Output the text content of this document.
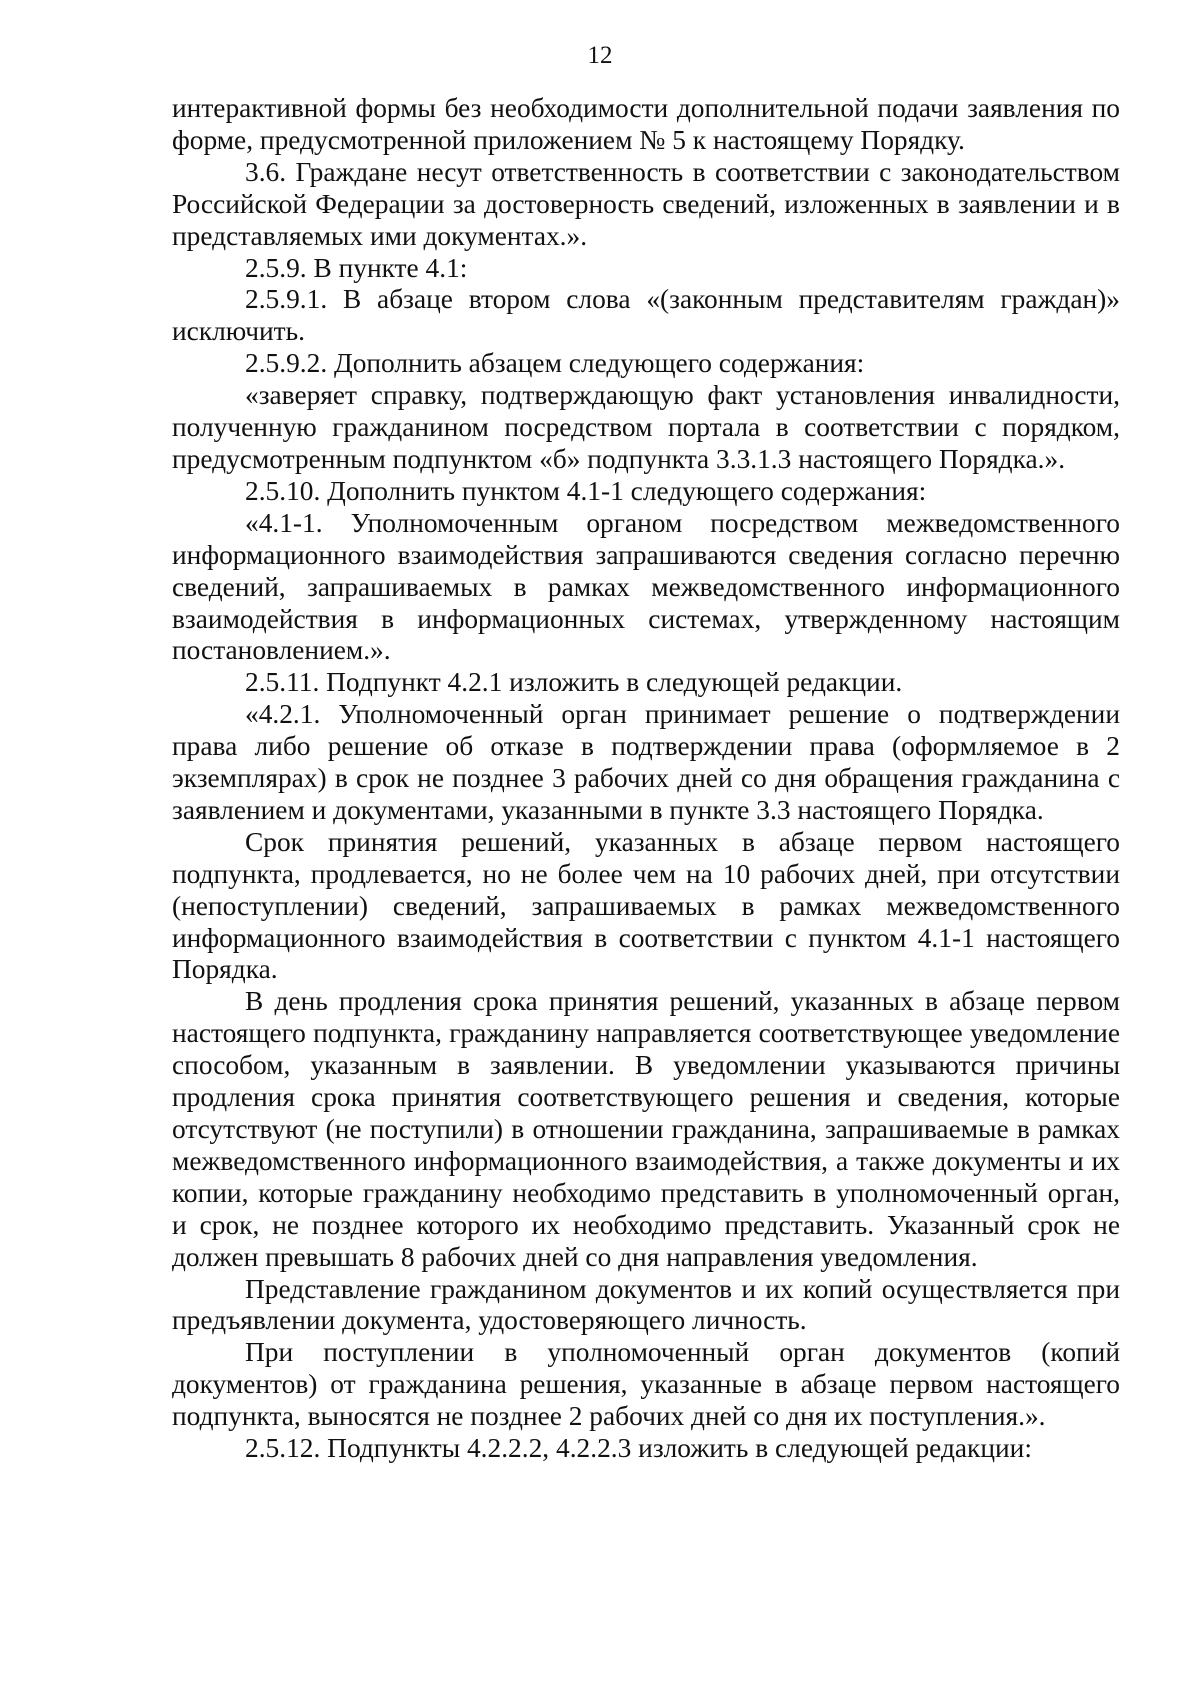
12

интерактивной формы без необходимости дополнительной подачи заявления по форме, предусмотренной приложением № 5 к настоящему Порядку.

3.6. Граждане несут ответственность в соответствии с законодательством Российской Федерации за достоверность сведений, изложенных в заявлении и в представляемых ими документах.».

2.5.9. В пункте 4.1:

2.5.9.1. В абзаце втором слова «(законным представителям граждан)» исключить.

2.5.9.2. Дополнить абзацем следующего содержания:

«заверяет справку, подтверждающую факт установления инвалидности, полученную гражданином посредством портала в соответствии с порядком, предусмотренным подпунктом «б» подпункта 3.3.1.3 настоящего Порядка.».

2.5.10. Дополнить пунктом 4.1-1 следующего содержания:

«4.1-1. Уполномоченным органом посредством межведомственного информационного взаимодействия запрашиваются сведения согласно перечню сведений, запрашиваемых в рамках межведомственного информационного взаимодействия в информационных системах, утвержденному настоящим постановлением.».

2.5.11. Подпункт 4.2.1 изложить в следующей редакции.

«4.2.1. Уполномоченный орган принимает решение о подтверждении права либо решение об отказе в подтверждении права (оформляемое в 2 экземплярах) в срок не позднее 3 рабочих дней со дня обращения гражданина с заявлением и документами, указанными в пункте 3.3 настоящего Порядка.

Срок принятия решений, указанных в абзаце первом настоящего подпункта, продлевается, но не более чем на 10 рабочих дней, при отсутствии (непоступлении) сведений, запрашиваемых в рамках межведомственного информационного взаимодействия в соответствии с пунктом 4.1-1 настоящего Порядка.

В день продления срока принятия решений, указанных в абзаце первом настоящего подпункта, гражданину направляется соответствующее уведомление способом, указанным в заявлении. В уведомлении указываются причины продления срока принятия соответствующего решения и сведения, которые отсутствуют (не поступили) в отношении гражданина, запрашиваемые в рамках межведомственного информационного взаимодействия, а также документы и их копии, которые гражданину необходимо представить в уполномоченный орган, и срок, не позднее которого их необходимо представить. Указанный срок не должен превышать 8 рабочих дней со дня направления уведомления.

Представление гражданином документов и их копий осуществляется при предъявлении документа, удостоверяющего личность.

При поступлении в уполномоченный орган документов (копий документов) от гражданина решения, указанные в абзаце первом настоящего подпункта, выносятся не позднее 2 рабочих дней со дня их поступления.».

2.5.12. Подпункты 4.2.2.2, 4.2.2.3 изложить в следующей редакции:
